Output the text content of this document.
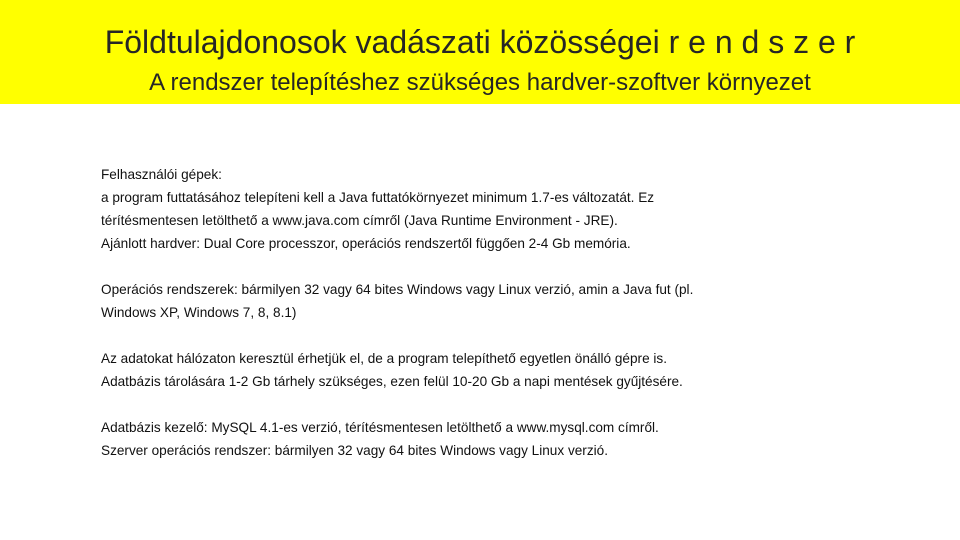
Földtulajdonosok vadászati közösségei r e n d s z e r
A rendszer telepítéshez szükséges hardver-szoftver környezet
Felhasználói gépek:
a program futtatásához telepíteni kell a Java futtatókörnyezet minimum 1.7-es változatát. Ez
térítésmentesen letölthető a www.java.com címről (Java Runtime Environment - JRE).
Ajánlott hardver: Dual Core processzor, operációs rendszertől függően 2-4 Gb memória.
Operációs rendszerek: bármilyen 32 vagy 64 bites Windows vagy Linux verzió, amin a Java fut (pl.
Windows XP, Windows 7, 8, 8.1)
Az adatokat hálózaton keresztül érhetjük el, de a program telepíthető egyetlen önálló gépre is.
Adatbázis tárolására 1-2 Gb tárhely szükséges, ezen felül 10-20 Gb a napi mentések gyűjtésére.
Adatbázis kezelő: MySQL 4.1-es verzió, térítésmentesen letölthető a www.mysql.com címről.
Szerver operációs rendszer: bármilyen 32 vagy 64 bites Windows vagy Linux verzió.
